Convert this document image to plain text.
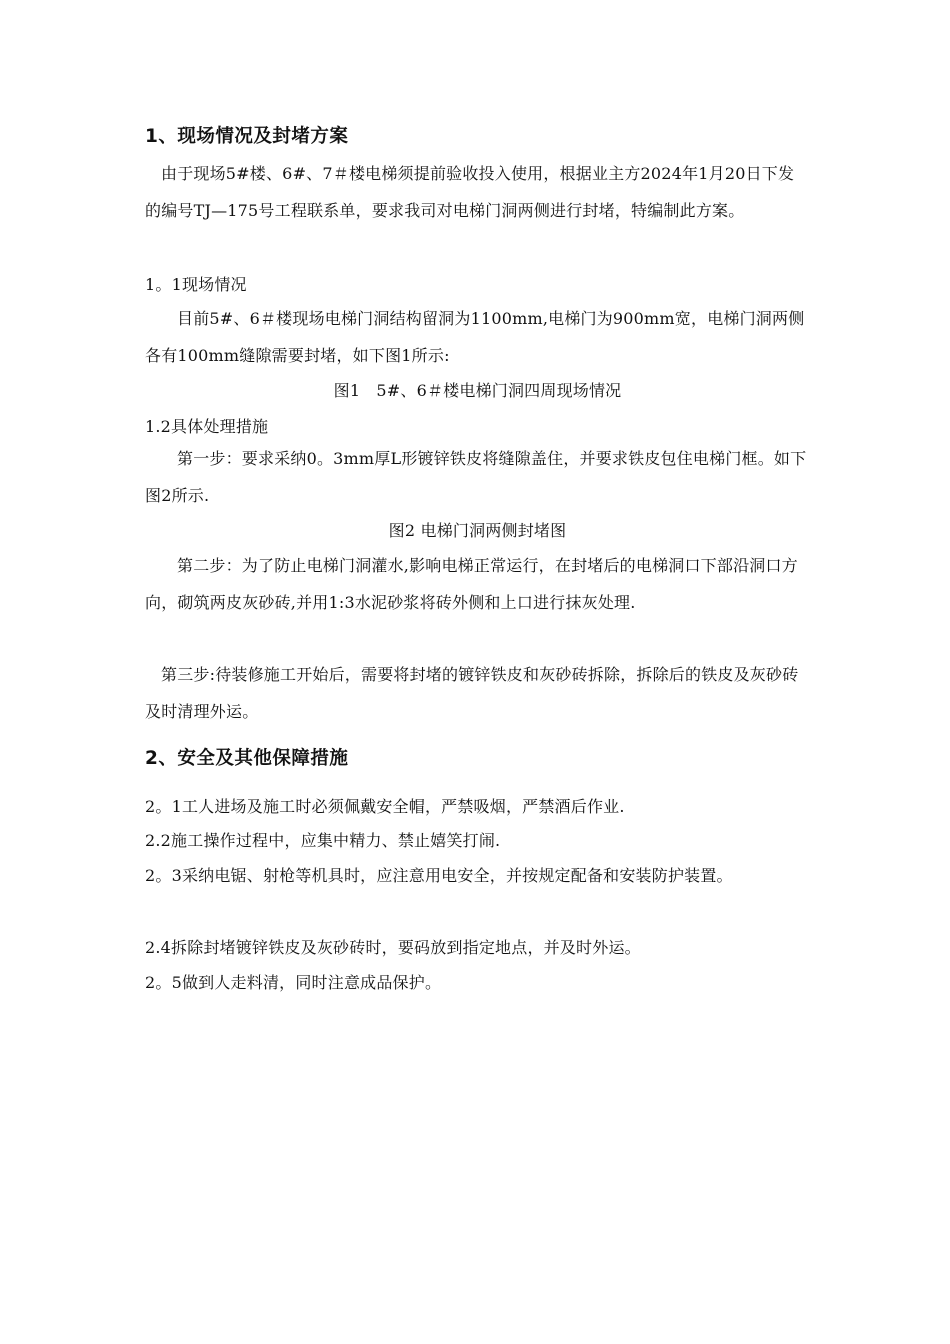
1、现场情况及封堵方案

由于现场5#楼、6#、7＃楼电梯须提前验收投入使用，根据业主方2024年1月20日下发的编号TJ—175号工程联系单，要求我司对电梯门洞两侧进行封堵，特编制此方案。

1。1现场情况

目前5#、6＃楼现场电梯门洞结构留洞为1100mm,电梯门为900mm宽，电梯门洞两侧各有100mm缝隙需要封堵，如下图1所示:

图1　5#、6＃楼电梯门洞四周现场情况

1.2具体处理措施

第一步：要求采纳0。3mm厚L形镀锌铁皮将缝隙盖住，并要求铁皮包住电梯门框。如下图2所示.

图2 电梯门洞两侧封堵图

第二步：为了防止电梯门洞灌水,影响电梯正常运行，在封堵后的电梯洞口下部沿洞口方向，砌筑两皮灰砂砖,并用1:3水泥砂浆将砖外侧和上口进行抹灰处理.

第三步:待装修施工开始后，需要将封堵的镀锌铁皮和灰砂砖拆除，拆除后的铁皮及灰砂砖及时清理外运。

2、安全及其他保障措施

2。1工人进场及施工时必须佩戴安全帽，严禁吸烟，严禁酒后作业.

2.2施工操作过程中，应集中精力、禁止嬉笑打闹.

2。3采纳电锯、射枪等机具时，应注意用电安全，并按规定配备和安装防护装置。

2.4拆除封堵镀锌铁皮及灰砂砖时，要码放到指定地点，并及时外运。

2。5做到人走料清，同时注意成品保护。
